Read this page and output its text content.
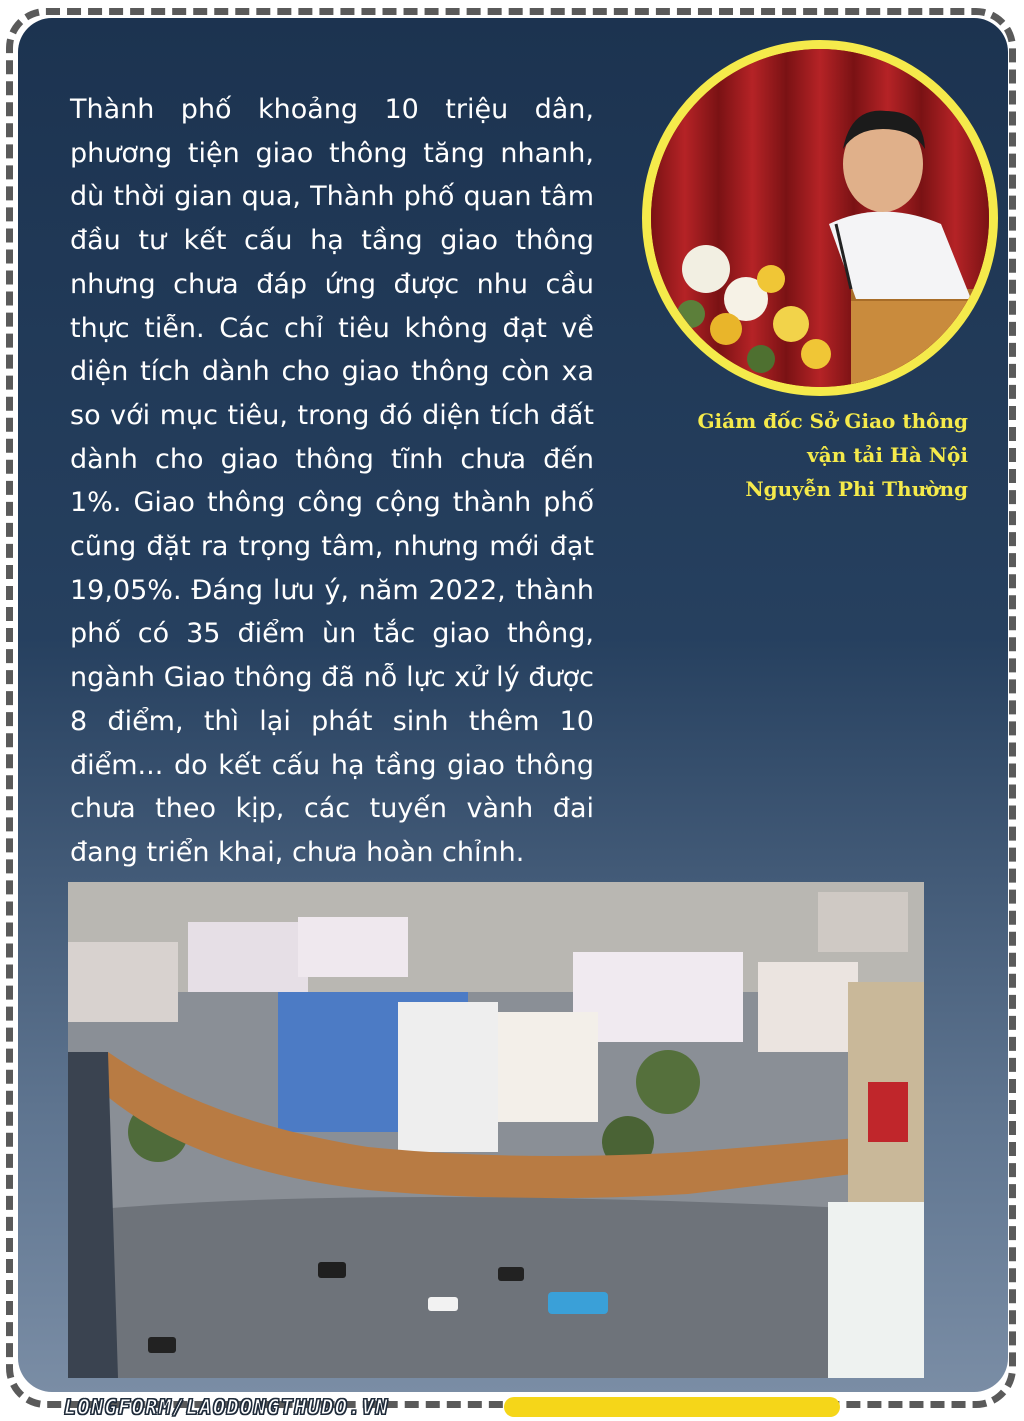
Thành phố khoảng 10 triệu dân, phương tiện giao thông tăng nhanh, dù thời gian qua, Thành phố quan tâm đầu tư kết cấu hạ tầng giao thông nhưng chưa đáp ứng được nhu cầu thực tiễn. Các chỉ tiêu không đạt về diện tích dành cho giao thông còn xa so với mục tiêu, trong đó diện tích đất dành cho giao thông tĩnh chưa đến 1%. Giao thông công cộng thành phố cũng đặt ra trọng tâm, nhưng mới đạt 19,05%. Đáng lưu ý, năm 2022, thành phố có 35 điểm ùn tắc giao thông, ngành Giao thông đã nỗ lực xử lý được 8 điểm, thì lại phát sinh thêm 10 điểm... do kết cấu hạ tầng giao thông chưa theo kịp, các tuyến vành đai đang triển khai, chưa hoàn chỉnh.

Giám đốc Sở Giao thông
vận tải Hà Nội
Nguyễn Phi Thường
LONGFORM/LAODONGTHUDO.VN
